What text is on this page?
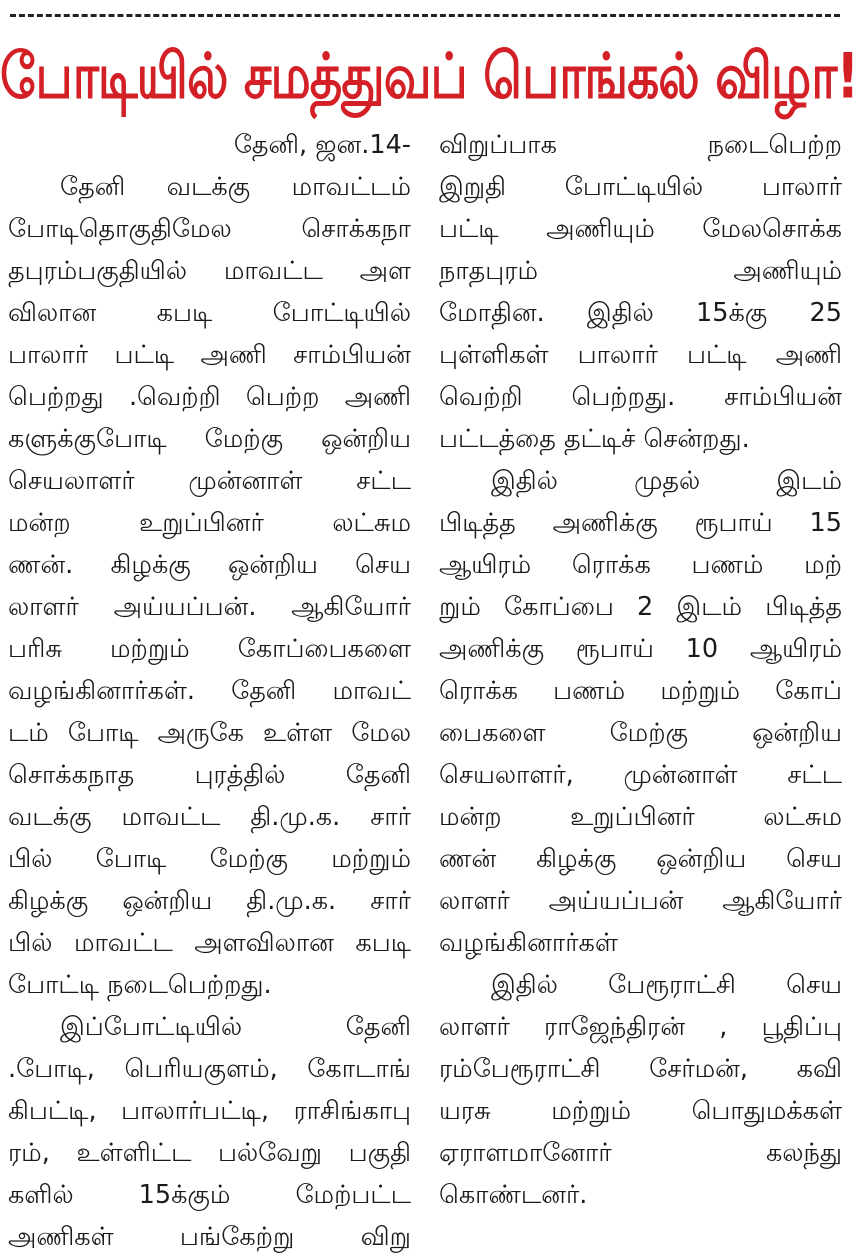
போடியில் சமத்துவப் பொங்கல் விழா!
தேனி, ஜன.14-
தேனி வடக்கு மாவட்டம்
போடிதொகுதிமேல சொக்கநா
தபுரம்பகுதியில் மாவட்ட அள
விலான கபடி போட்டியில்
பாலார் பட்டி அணி சாம்பியன்
பெற்றது .வெற்றி பெற்ற அணி
களுக்குபோடி மேற்கு ஒன்றிய
செயலாளர் முன்னாள் சட்ட
மன்ற உறுப்பினர் லட்சும
ணன். கிழக்கு ஒன்றிய செய
லாளர் அய்யப்பன். ஆகியோர்
பரிசு மற்றும் கோப்பைகளை
வழங்கினார்கள். தேனி மாவட்
டம் போடி அருகே உள்ள மேல
சொக்கநாத புரத்தில் தேனி
வடக்கு மாவட்ட தி.மு.க. சார்
பில் போடி மேற்கு மற்றும்
கிழக்கு ஒன்றிய தி.மு.க. சார்
பில் மாவட்ட அளவிலான கபடி
போட்டி நடைபெற்றது.
இப்போட்டியில் தேனி
.போடி, பெரியகுளம், கோடாங்
கிபட்டி, பாலார்பட்டி, ராசிங்காபு
ரம், உள்ளிட்ட பல்வேறு பகுதி
களில் 15க்கும் மேற்பட்ட
அணிகள் பங்கேற்று விறு
விறுப்பாக நடைபெற்ற
இறுதி போட்டியில் பாலார்
பட்டி அணியும் மேலசொக்க
நாதபுரம் அணியும்
மோதின. இதில் 15க்கு 25
புள்ளிகள் பாலார் பட்டி அணி
வெற்றி பெற்றது. சாம்பியன்
பட்டத்தை தட்டிச் சென்றது.
இதில் முதல் இடம்
பிடித்த அணிக்கு ரூபாய் 15
ஆயிரம் ரொக்க பணம் மற்
றும் கோப்பை 2 இடம் பிடித்த
அணிக்கு ரூபாய் 10 ஆயிரம்
ரொக்க பணம் மற்றும் கோப்
பைகளை மேற்கு ஒன்றிய
செயலாளர், முன்னாள் சட்ட
மன்ற உறுப்பினர் லட்சும
ணன் கிழக்கு ஒன்றிய செய
லாளர் அய்யப்பன் ஆகியோர்
வழங்கினார்கள்
இதில் பேரூராட்சி செய
லாளர் ராஜேந்திரன் , பூதிப்பு
ரம்பேரூராட்சி சேர்மன், கவி
யரசு மற்றும் பொதுமக்கள்
ஏராளமானோர் கலந்து
கொண்டனர்.
